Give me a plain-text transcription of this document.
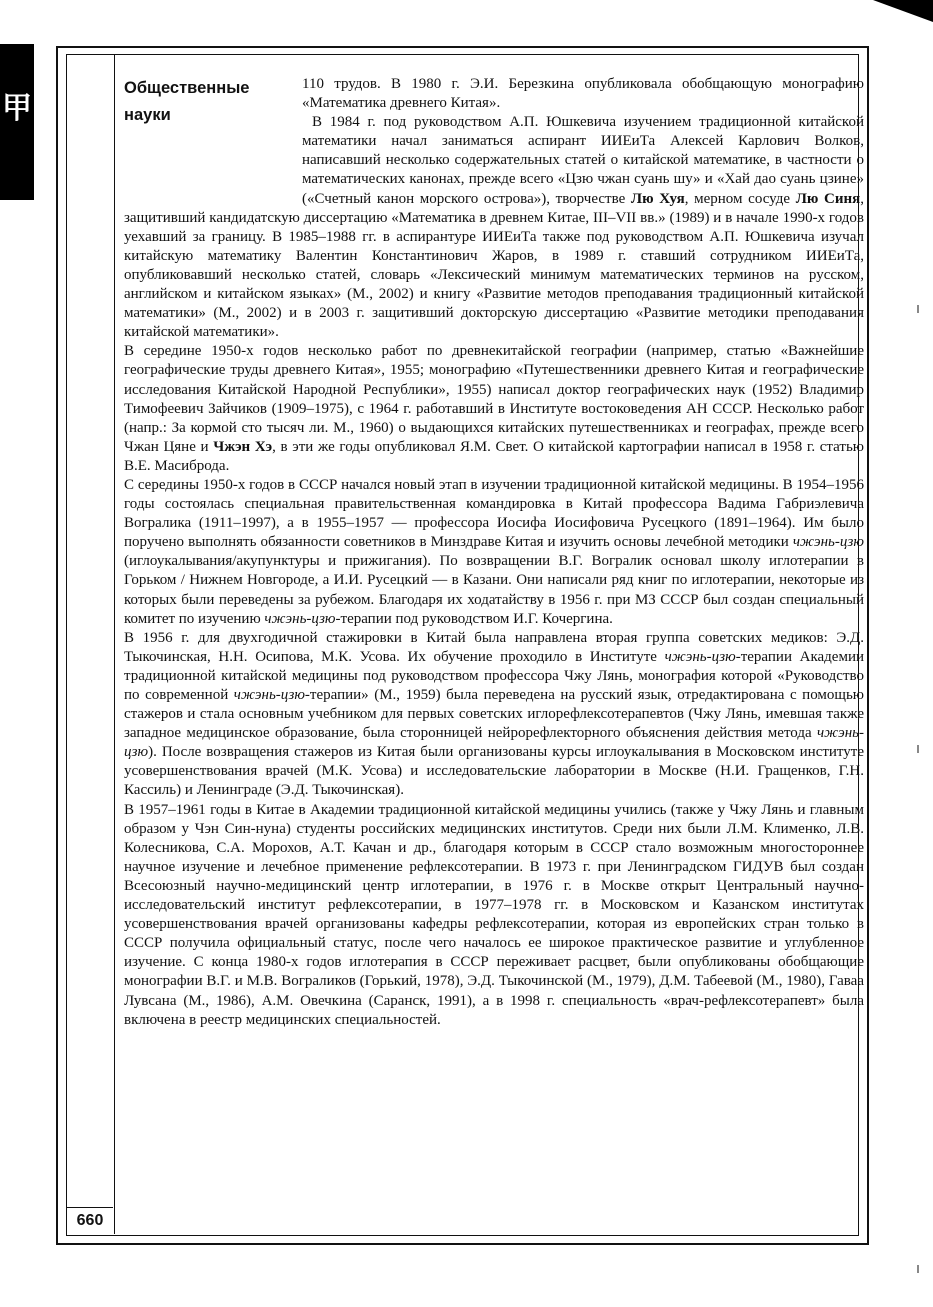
甲
660
Общественные
науки

110 трудов. В 1980 г. Э.И. Березкина опубликовала обобщающую монографию «Математика древнего Китая».

В 1984 г. под руководством А.П. Юшкевича изучением традиционной китайской математики начал заниматься аспирант ИИЕиТа Алексей Карлович Волков, написавший несколько содержательных статей о китайской математике, в частности о математических канонах, прежде всего «Цзю чжан суань шу» и «Хай дао суань цзине» («Счетный канон морского острова»), творчестве Лю Хуя, мерном сосуде Лю Синя, защитивший кандидатскую диссертацию «Математика в древнем Китае, III–VII вв.» (1989) и в начале 1990-х годов уехавший за границу. В 1985–1988 гг. в аспирантуре ИИЕиТа также под руководством А.П. Юшкевича изучал китайскую математику Валентин Константинович Жаров, в 1989 г. ставший сотрудником ИИЕиТа, опубликовавший несколько статей, словарь «Лексический минимум математических терминов на русском, английском и китайском языках» (М., 2002) и книгу «Развитие методов преподавания традиционный китайской математики» (М., 2002) и в 2003 г. защитивший докторскую диссертацию «Развитие методики преподавания китайской математики».

В середине 1950-х годов несколько работ по древнекитайской географии (например, статью «Важнейшие географические труды древнего Китая», 1955; монографию «Путешественники древнего Китая и географические исследования Китайской Народной Республики», 1955) написал доктор географических наук (1952) Владимир Тимофеевич Зайчиков (1909–1975), с 1964 г. работавший в Институте востоковедения АН СССР. Несколько работ (напр.: За кормой сто тысяч ли. М., 1960) о выдающихся китайских путешественниках и географах, прежде всего Чжан Цяне и Чжэн Хэ, в эти же годы опубликовал Я.М. Свет. О китайской картографии написал в 1958 г. статью В.Е. Масиброда.

С середины 1950-х годов в СССР начался новый этап в изучении традиционной китайской медицины. В 1954–1956 годы состоялась специальная правительственная командировка в Китай профессора Вадима Габриэлевича Вогралика (1911–1997), а в 1955–1957 — профессора Иосифа Иосифовича Русецкого (1891–1964). Им было поручено выполнять обязанности советников в Минздраве Китая и изучить основы лечебной методики чжэнь-цзю (иглоукалывания/акупунктуры и прижигания). По возвращении В.Г. Вогралик основал школу иглотерапии в Горьком / Нижнем Новгороде, а И.И. Русецкий — в Казани. Они написали ряд книг по иглотерапии, некоторые из которых были переведены за рубежом. Благодаря их ходатайству в 1956 г. при МЗ СССР был создан специальный комитет по изучению чжэнь-цзю-терапии под руководством И.Г. Кочергина.

В 1956 г. для двухгодичной стажировки в Китай была направлена вторая группа советских медиков: Э.Д. Тыкочинская, Н.Н. Осипова, М.К. Усова. Их обучение проходило в Институте чжэнь-цзю-терапии Академии традиционной китайской медицины под руководством профессора Чжу Лянь, монография которой «Руководство по современной чжэнь-цзю-терапии» (М., 1959) была переведена на русский язык, отредактирована с помощью стажеров и стала основным учебником для первых советских иглорефлексотерапевтов (Чжу Лянь, имевшая также западное медицинское образование, была сторонницей нейрорефлекторного объяснения действия метода чжэнь-цзю). После возвращения стажеров из Китая были организованы курсы иглоукалывания в Московском институте усовершенствования врачей (М.К. Усова) и исследовательские лаборатории в Москве (Н.И. Гращенков, Г.Н. Кассиль) и Ленинграде (Э.Д. Тыкочинская).

В 1957–1961 годы в Китае в Академии традиционной китайской медицины учились (также у Чжу Лянь и главным образом у Чэн Син-нуна) студенты российских медицинских институтов. Среди них были Л.М. Клименко, Л.В. Колесникова, С.А. Морохов, А.Т. Качан и др., благодаря которым в СССР стало возможным многостороннее научное изучение и лечебное применение рефлексотерапии. В 1973 г. при Ленинградском ГИДУВ был создан Всесоюзный научно-медицинский центр иглотерапии, в 1976 г. в Москве открыт Центральный научно-исследовательский институт рефлексотерапии, в 1977–1978 гг. в Московском и Казанском институтах усовершенствования врачей организованы кафедры рефлексотерапии, которая из европейских стран только в СССР получила официальный статус, после чего началось ее широкое практическое развитие и углубленное изучение. С конца 1980-х годов иглотерапия в СССР переживает расцвет, были опубликованы обобщающие монографии В.Г. и М.В. Вограликов (Горький, 1978), Э.Д. Тыкочинской (М., 1979), Д.М. Табеевой (М., 1980), Гаваа Лувсана (М., 1986), А.М. Овечкина (Саранск, 1991), а в 1998 г. специальность «врач-рефлексотерапевт» была включена в реестр медицинских специальностей.
